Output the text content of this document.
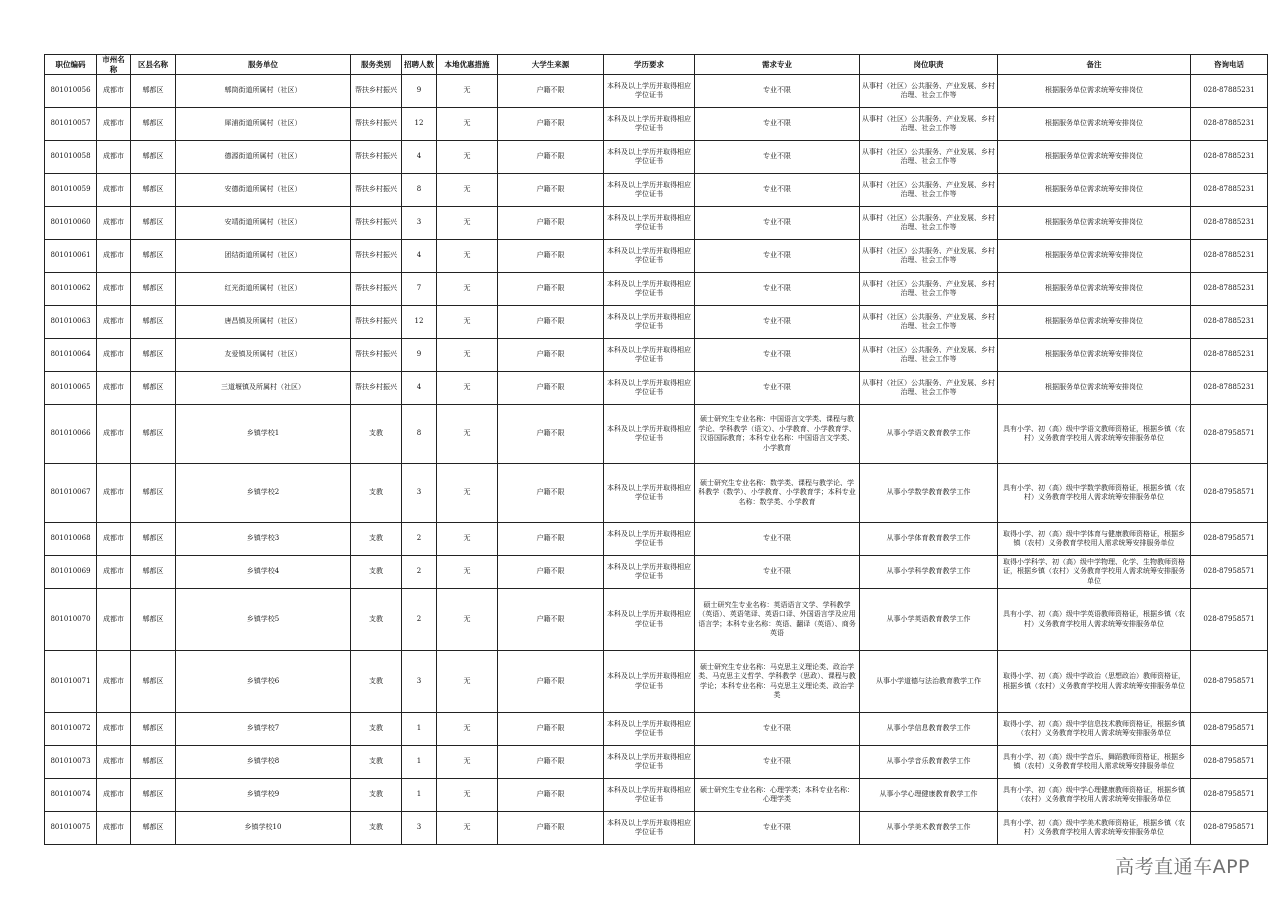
职位编码	市州名称	区县名称	服务单位	服务类别	招聘人数	本地优惠措施	大学生来源	学历要求	需求专业	岗位职责	备注	咨询电话
801010056	成都市	郫都区	郫筒街道所属村（社区）	帮扶乡村振兴	9	无	户籍不限	本科及以上学历并取得相应学位证书	专业不限	从事村（社区）公共服务、产业发展、乡村治理、社会工作等	根据服务单位需求统筹安排岗位	028-87885231
801010057	成都市	郫都区	犀浦街道所属村（社区）	帮扶乡村振兴	12	无	户籍不限	本科及以上学历并取得相应学位证书	专业不限	从事村（社区）公共服务、产业发展、乡村治理、社会工作等	根据服务单位需求统筹安排岗位	028-87885231
801010058	成都市	郫都区	德源街道所属村（社区）	帮扶乡村振兴	4	无	户籍不限	本科及以上学历并取得相应学位证书	专业不限	从事村（社区）公共服务、产业发展、乡村治理、社会工作等	根据服务单位需求统筹安排岗位	028-87885231
801010059	成都市	郫都区	安德街道所属村（社区）	帮扶乡村振兴	8	无	户籍不限	本科及以上学历并取得相应学位证书	专业不限	从事村（社区）公共服务、产业发展、乡村治理、社会工作等	根据服务单位需求统筹安排岗位	028-87885231
801010060	成都市	郫都区	安靖街道所属村（社区）	帮扶乡村振兴	3	无	户籍不限	本科及以上学历并取得相应学位证书	专业不限	从事村（社区）公共服务、产业发展、乡村治理、社会工作等	根据服务单位需求统筹安排岗位	028-87885231
801010061	成都市	郫都区	团结街道所属村（社区）	帮扶乡村振兴	4	无	户籍不限	本科及以上学历并取得相应学位证书	专业不限	从事村（社区）公共服务、产业发展、乡村治理、社会工作等	根据服务单位需求统筹安排岗位	028-87885231
801010062	成都市	郫都区	红光街道所属村（社区）	帮扶乡村振兴	7	无	户籍不限	本科及以上学历并取得相应学位证书	专业不限	从事村（社区）公共服务、产业发展、乡村治理、社会工作等	根据服务单位需求统筹安排岗位	028-87885231
801010063	成都市	郫都区	唐昌镇及所属村（社区）	帮扶乡村振兴	12	无	户籍不限	本科及以上学历并取得相应学位证书	专业不限	从事村（社区）公共服务、产业发展、乡村治理、社会工作等	根据服务单位需求统筹安排岗位	028-87885231
801010064	成都市	郫都区	友爱镇及所属村（社区）	帮扶乡村振兴	9	无	户籍不限	本科及以上学历并取得相应学位证书	专业不限	从事村（社区）公共服务、产业发展、乡村治理、社会工作等	根据服务单位需求统筹安排岗位	028-87885231
801010065	成都市	郫都区	三道堰镇及所属村（社区）	帮扶乡村振兴	4	无	户籍不限	本科及以上学历并取得相应学位证书	专业不限	从事村（社区）公共服务、产业发展、乡村治理、社会工作等	根据服务单位需求统筹安排岗位	028-87885231
801010066	成都市	郫都区	乡镇学校1	支教	8	无	户籍不限	本科及以上学历并取得相应学位证书	硕士研究生专业名称：中国语言文学类、课程与教学论、学科教学（语文）、小学教育、小学教育学、汉语国际教育；本科专业名称：中国语言文学类、小学教育	从事小学语文教育教学工作	具有小学、初（高）级中学语文教师资格证，根据乡镇（农村）义务教育学校用人需求统筹安排服务单位	028-87958571
801010067	成都市	郫都区	乡镇学校2	支教	3	无	户籍不限	本科及以上学历并取得相应学位证书	硕士研究生专业名称：数学类、课程与教学论、学科教学（数学）、小学教育、小学教育学；本科专业名称：数学类、小学教育	从事小学数学教育教学工作	具有小学、初（高）级中学数学教师资格证，根据乡镇（农村）义务教育学校用人需求统筹安排服务单位	028-87958571
801010068	成都市	郫都区	乡镇学校3	支教	2	无	户籍不限	本科及以上学历并取得相应学位证书	专业不限	从事小学体育教育教学工作	取得小学、初（高）级中学体育与健康教师资格证，根据乡镇（农村）义务教育学校用人需求统筹安排服务单位	028-87958571
801010069	成都市	郫都区	乡镇学校4	支教	2	无	户籍不限	本科及以上学历并取得相应学位证书	专业不限	从事小学科学教育教学工作	取得小学科学、初（高）级中学物理、化学、生物教师资格证，根据乡镇（农村）义务教育学校用人需求统筹安排服务单位	028-87958571
801010070	成都市	郫都区	乡镇学校5	支教	2	无	户籍不限	本科及以上学历并取得相应学位证书	硕士研究生专业名称：英语语言文学、学科教学（英语）、英语笔译、英语口译、外国语言学及应用语言学；本科专业名称：英语、翻译（英语）、商务英语	从事小学英语教育教学工作	具有小学、初（高）级中学英语教师资格证，根据乡镇（农村）义务教育学校用人需求统筹安排服务单位	028-87958571
801010071	成都市	郫都区	乡镇学校6	支教	3	无	户籍不限	本科及以上学历并取得相应学位证书	硕士研究生专业名称：马克思主义理论类、政治学类、马克思主义哲学、学科教学（思政）、课程与教学论；本科专业名称：马克思主义理论类、政治学类	从事小学道德与法治教育教学工作	取得小学、初（高）级中学政治（思想政治）教师资格证，根据乡镇（农村）义务教育学校用人需求统筹安排服务单位	028-87958571
801010072	成都市	郫都区	乡镇学校7	支教	1	无	户籍不限	本科及以上学历并取得相应学位证书	专业不限	从事小学信息教育教学工作	取得小学、初（高）级中学信息技术教师资格证，根据乡镇（农村）义务教育学校用人需求统筹安排服务单位	028-87958571
801010073	成都市	郫都区	乡镇学校8	支教	1	无	户籍不限	本科及以上学历并取得相应学位证书	专业不限	从事小学音乐教育教学工作	具有小学、初（高）级中学音乐、舞蹈教师资格证，根据乡镇（农村）义务教育学校用人需求统筹安排服务单位	028-87958571
801010074	成都市	郫都区	乡镇学校9	支教	1	无	户籍不限	本科及以上学历并取得相应学位证书	硕士研究生专业名称：心理学类；本科专业名称：心理学类	从事小学心理健康教育教学工作	具有小学、初（高）级中学心理健康教师资格证，根据乡镇（农村）义务教育学校用人需求统筹安排服务单位	028-87958571
801010075	成都市	郫都区	乡镇学校10	支教	3	无	户籍不限	本科及以上学历并取得相应学位证书	专业不限	从事小学美术教育教学工作	具有小学、初（高）级中学美术教师资格证，根据乡镇（农村）义务教育学校用人需求统筹安排服务单位	028-87958571
高考直通车APP
